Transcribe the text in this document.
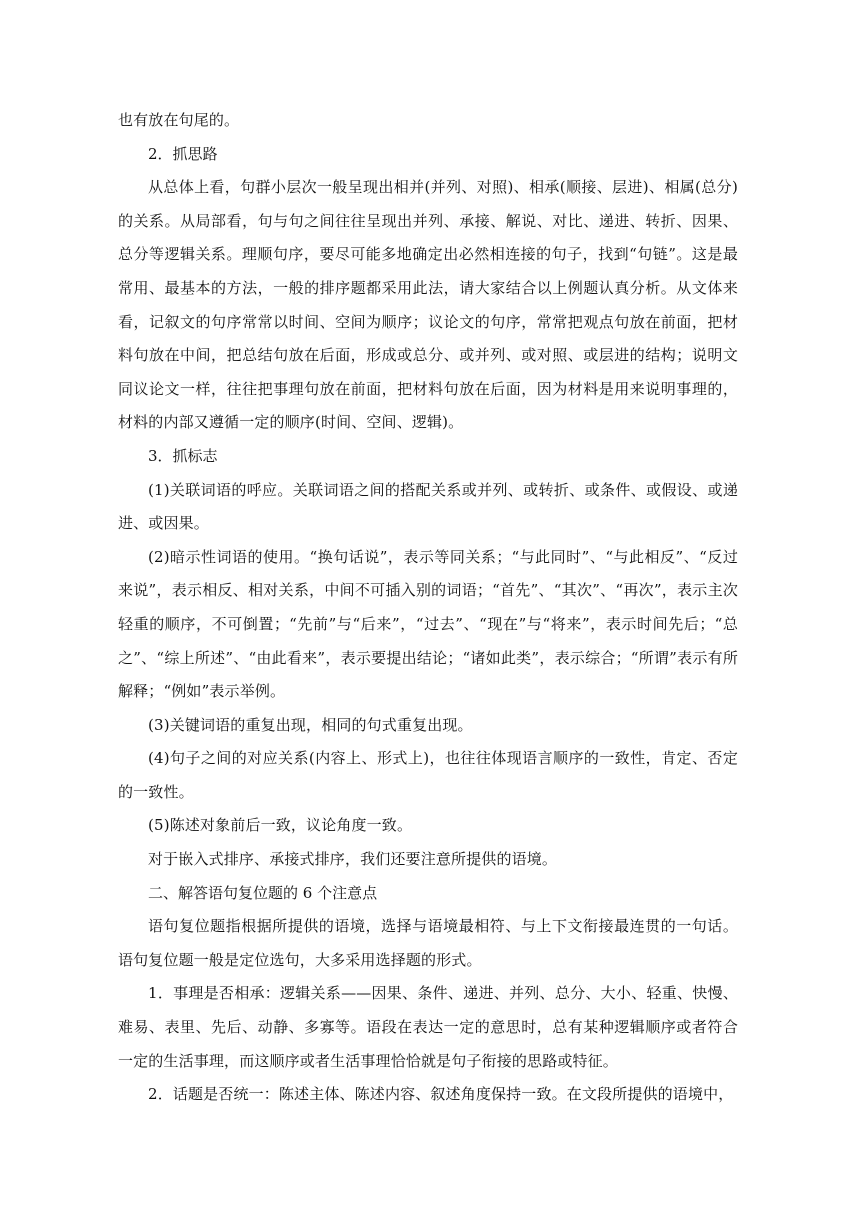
也有放在句尾的。

2．抓思路

从总体上看，句群小层次一般呈现出相并(并列、对照)、相承(顺接、层进)、相属(总分)的关系。从局部看，句与句之间往往呈现出并列、承接、解说、对比、递进、转折、因果、总分等逻辑关系。理顺句序，要尽可能多地确定出必然相连接的句子，找到“句链”。这是最常用、最基本的方法，一般的排序题都采用此法，请大家结合以上例题认真分析。从文体来看，记叙文的句序常常以时间、空间为顺序；议论文的句序，常常把观点句放在前面，把材料句放在中间，把总结句放在后面，形成或总分、或并列、或对照、或层进的结构；说明文同议论文一样，往往把事理句放在前面，把材料句放在后面，因为材料是用来说明事理的，材料的内部又遵循一定的顺序(时间、空间、逻辑)。

3．抓标志

(1)关联词语的呼应。关联词语之间的搭配关系或并列、或转折、或条件、或假设、或递进、或因果。

(2)暗示性词语的使用。“换句话说”，表示等同关系；“与此同时”、“与此相反”、“反过来说”，表示相反、相对关系，中间不可插入别的词语；“首先”、“其次”、“再次”，表示主次轻重的顺序，不可倒置；“先前”与“后来”，“过去”、“现在”与“将来”，表示时间先后；“总之”、“综上所述”、“由此看来”，表示要提出结论；“诸如此类”，表示综合；“所谓”表示有所解释；“例如”表示举例。

(3)关键词语的重复出现，相同的句式重复出现。

(4)句子之间的对应关系(内容上、形式上)，也往往体现语言顺序的一致性，肯定、否定的一致性。

(5)陈述对象前后一致，议论角度一致。

对于嵌入式排序、承接式排序，我们还要注意所提供的语境。

二、解答语句复位题的 6 个注意点

语句复位题指根据所提供的语境，选择与语境最相符、与上下文衔接最连贯的一句话。语句复位题一般是定位选句，大多采用选择题的形式。

1．事理是否相承：逻辑关系——因果、条件、递进、并列、总分、大小、轻重、快慢、难易、表里、先后、动静、多寡等。语段在表达一定的意思时，总有某种逻辑顺序或者符合一定的生活事理，而这顺序或者生活事理恰恰就是句子衔接的思路或特征。

2．话题是否统一：陈述主体、陈述内容、叙述角度保持一致。在文段所提供的语境中，
